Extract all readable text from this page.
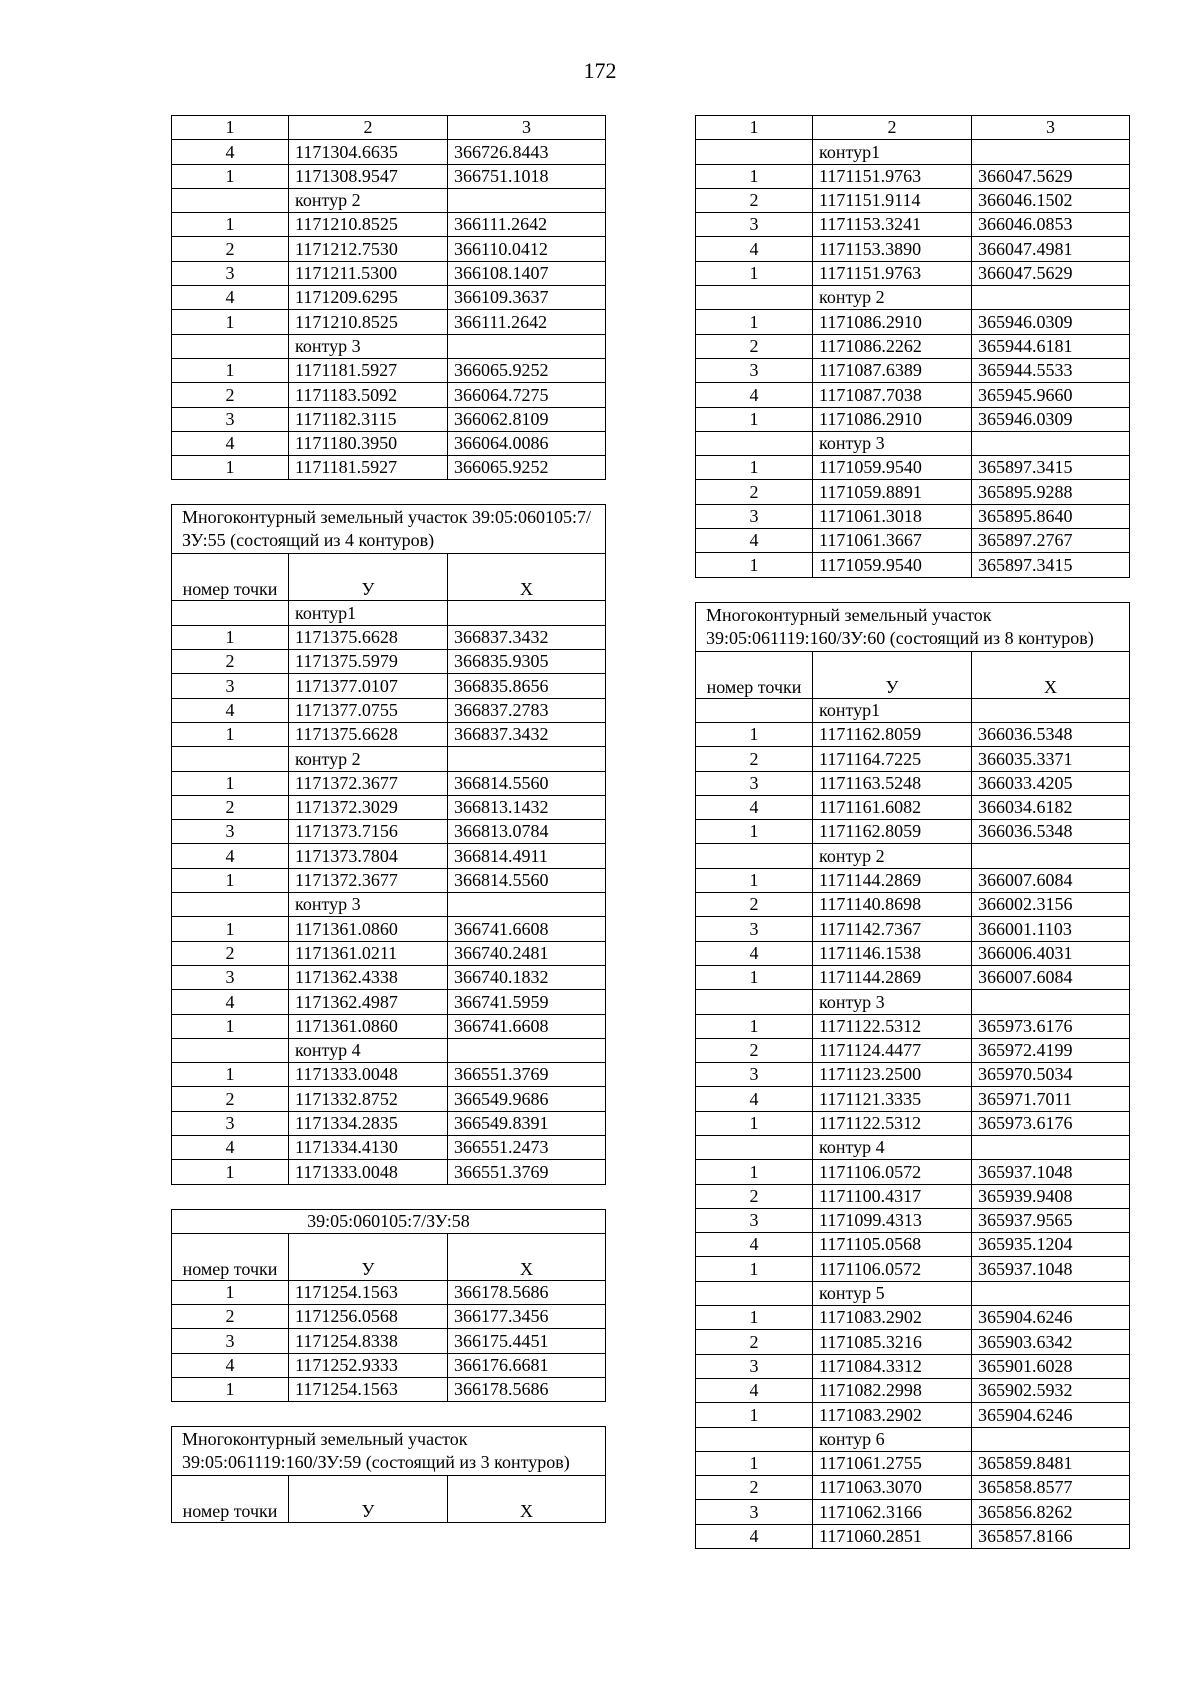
172
1	2	3
4	1171304.6635	366726.8443
1	1171308.9547	366751.1018
	контур 2	
1	1171210.8525	366111.2642
2	1171212.7530	366110.0412
3	1171211.5300	366108.1407
4	1171209.6295	366109.3637
1	1171210.8525	366111.2642
	контур 3	
1	1171181.5927	366065.9252
2	1171183.5092	366064.7275
3	1171182.3115	366062.8109
4	1171180.3950	366064.0086
1	1171181.5927	366065.9252
Многоконтурный земельный участок 39:05:060105:7/ЗУ:55 (состоящий из 4 контуров)		
номер точки	У	Х
	контур1	
1	1171375.6628	366837.3432
2	1171375.5979	366835.9305
3	1171377.0107	366835.8656
4	1171377.0755	366837.2783
1	1171375.6628	366837.3432
	контур 2	
1	1171372.3677	366814.5560
2	1171372.3029	366813.1432
3	1171373.7156	366813.0784
4	1171373.7804	366814.4911
1	1171372.3677	366814.5560
	контур 3	
1	1171361.0860	366741.6608
2	1171361.0211	366740.2481
3	1171362.4338	366740.1832
4	1171362.4987	366741.5959
1	1171361.0860	366741.6608
	контур 4	
1	1171333.0048	366551.3769
2	1171332.8752	366549.9686
3	1171334.2835	366549.8391
4	1171334.4130	366551.2473
1	1171333.0048	366551.3769
39:05:060105:7/ЗУ:58		
номер точки	У	Х
1	1171254.1563	366178.5686
2	1171256.0568	366177.3456
3	1171254.8338	366175.4451
4	1171252.9333	366176.6681
1	1171254.1563	366178.5686
Многоконтурный земельный участок 39:05:061119:160/ЗУ:59 (состоящий из 3 контуров)
номер точки	У	Х
1	2	3
	контур1	
1	1171151.9763	366047.5629
2	1171151.9114	366046.1502
3	1171153.3241	366046.0853
4	1171153.3890	366047.4981
1	1171151.9763	366047.5629
	контур 2	
1	1171086.2910	365946.0309
2	1171086.2262	365944.6181
3	1171087.6389	365944.5533
4	1171087.7038	365945.9660
1	1171086.2910	365946.0309
	контур 3	
1	1171059.9540	365897.3415
2	1171059.8891	365895.9288
3	1171061.3018	365895.8640
4	1171061.3667	365897.2767
1	1171059.9540	365897.3415
Многоконтурный земельный участок 39:05:061119:160/ЗУ:60 (состоящий из 8 контуров)		
номер точки	У	Х
	контур1	
1	1171162.8059	366036.5348
2	1171164.7225	366035.3371
3	1171163.5248	366033.4205
4	1171161.6082	366034.6182
1	1171162.8059	366036.5348
	контур 2	
1	1171144.2869	366007.6084
2	1171140.8698	366002.3156
3	1171142.7367	366001.1103
4	1171146.1538	366006.4031
1	1171144.2869	366007.6084
	контур 3	
1	1171122.5312	365973.6176
2	1171124.4477	365972.4199
3	1171123.2500	365970.5034
4	1171121.3335	365971.7011
1	1171122.5312	365973.6176
	контур 4	
1	1171106.0572	365937.1048
2	1171100.4317	365939.9408
3	1171099.4313	365937.9565
4	1171105.0568	365935.1204
1	1171106.0572	365937.1048
	контур 5	
1	1171083.2902	365904.6246
2	1171085.3216	365903.6342
3	1171084.3312	365901.6028
4	1171082.2998	365902.5932
1	1171083.2902	365904.6246
	контур 6	
1	1171061.2755	365859.8481
2	1171063.3070	365858.8577
3	1171062.3166	365856.8262
4	1171060.2851	365857.8166
